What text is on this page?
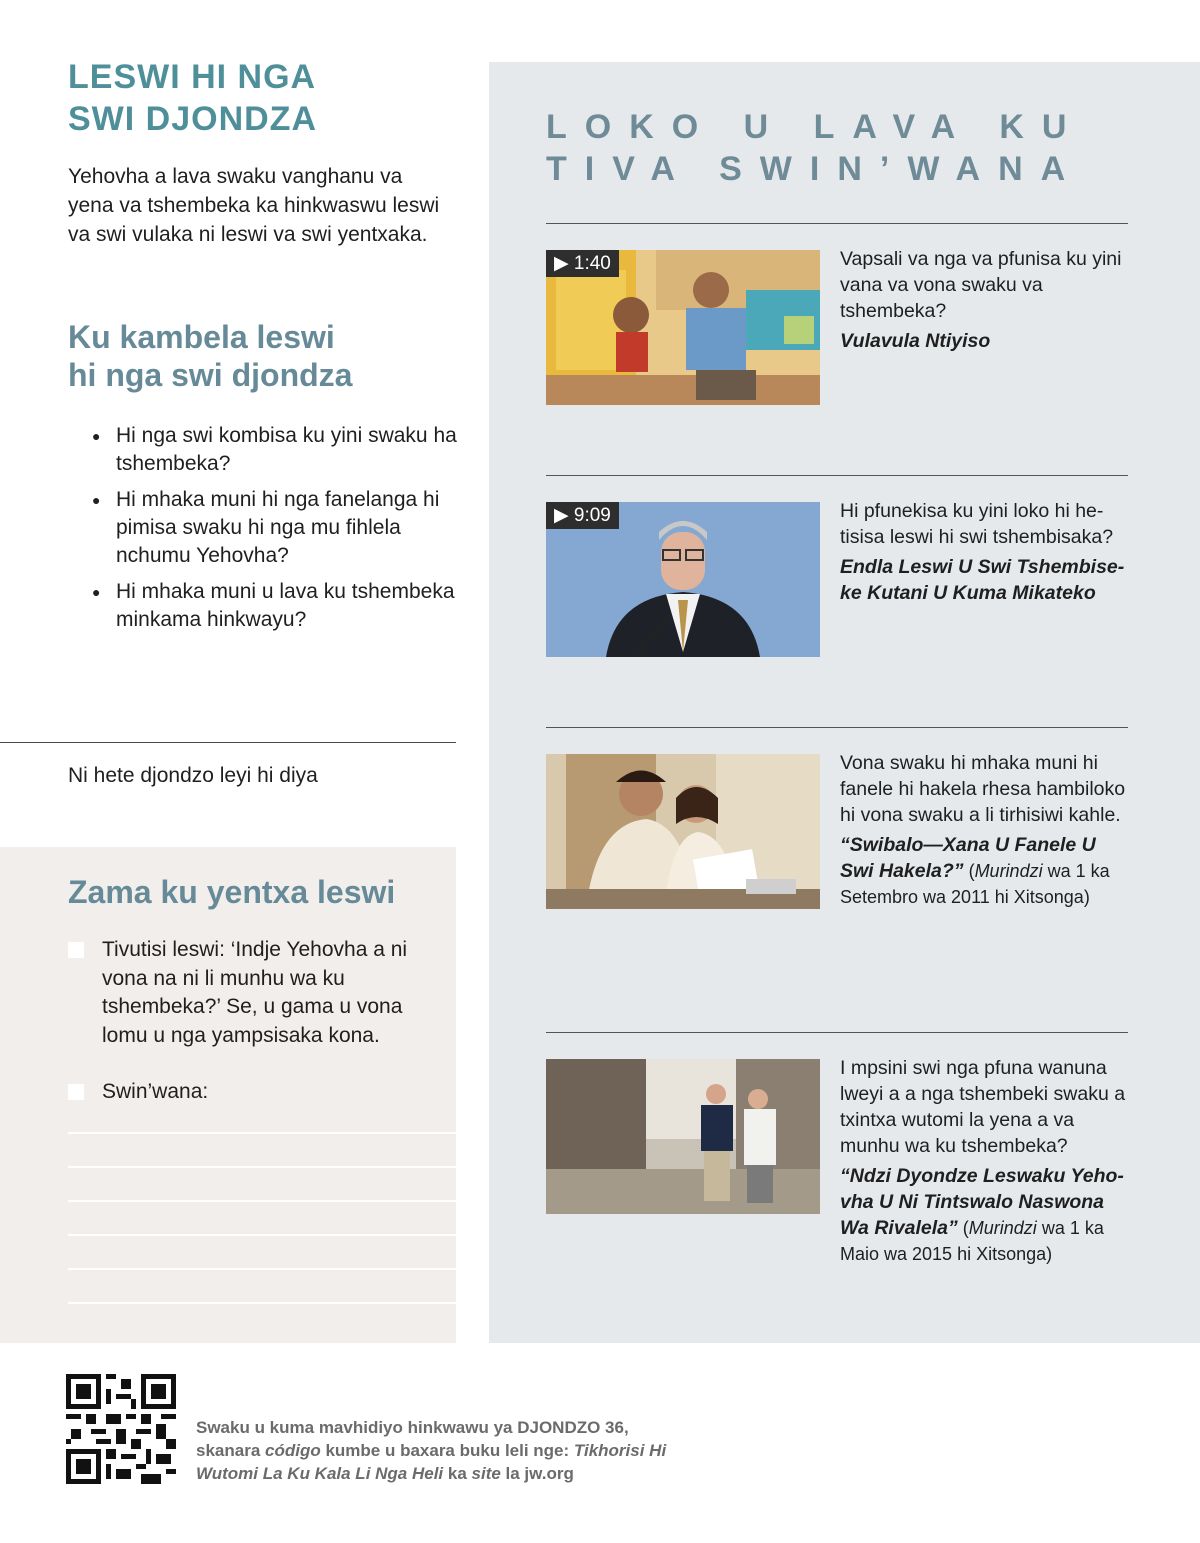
LESWI HI NGA
SWI DJONDZA

Yehovha a lava swaku vanghanu va yena va tshembeka ka hinkwaswu leswi va swi vulaka ni leswi va swi yentxaka.

Ku kambela leswi
hi nga swi djondza
● Hi nga swi kombisa ku yini swaku ha tshembeka?
● Hi mhaka muni hi nga fanelanga hi pimisa swaku hi nga mu fihlela nchumu Yehovha?
● Hi mhaka muni u lava ku tshembeka minkama hinkwayu?

Ni hete djondzo leyi hi diya

Zama ku yentxa leswi

Tivutisi leswi: ‘Indje Yehovha a ni vona na ni li munhu wa ku tshembeka?’ Se, u gama u vona lomu u nga yampsisaka kona.

Swin’wana:

LOKO U LAVA KU
TIVA SWIN’WANA
▶ 1:40	Vapsali va nga va pfunisa ku yini vana va vona swaku va tshembeka?

Vulavula Ntiyiso

▶ 9:09	Hi pfunekisa ku yini loko hi hetisisa leswi hi swi tshembisaka?

Endla Leswi U Swi Tshembiseke Kutani U Kuma Mikateko

Vona swaku hi mhaka muni hi fanele hi hakela rhesa hambiloko hi vona swaku a li tirhisiwi kahle.

“Swibalo—Xana U Fanele U Swi Hakela?” (Murindzi wa 1 ka Setembro wa 2011 hi Xitsonga)

I mpsini swi nga pfuna wanuna lweyi a a nga tshembeki swaku a txintxa wutomi la yena a va munhu wa ku tshembeka?

“Ndzi Dyondze Leswaku Yehovha U Ni Tintswalo Naswona Wa Rivalela” (Murindzi wa 1 ka Maio wa 2015 hi Xitsonga)

Swaku u kuma mavhidiyo hinkwawu ya DJONDZO 36, skanara código kumbe u baxara buku leli nge: Tikhorisi Hi Wutomi La Ku Kala Li Nga Heli ka site la jw.org
